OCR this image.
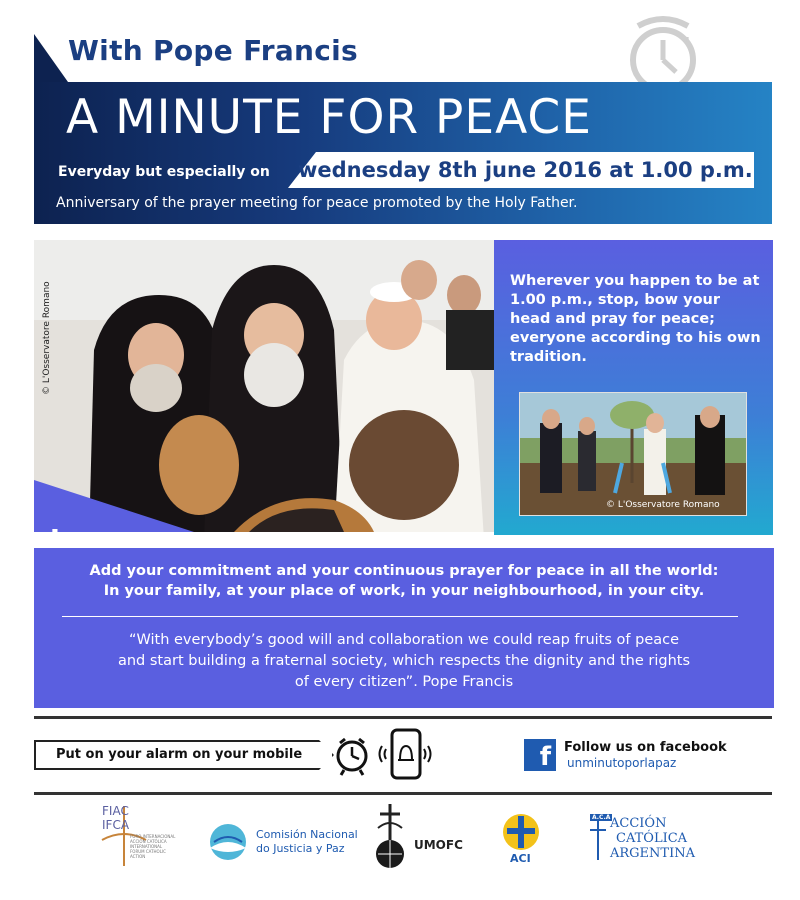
1
With Pope Francis
A MINUTE FOR PEACE
Everyday but especially on wednesday 8th june 2016 at 1.00 p.m.
Anniversary of the prayer meeting for peace promoted by the Holy Father.
© L'Osservatore Romano
Wherever you happen to be at 1.00 p.m., stop, bow your head and pray for peace; everyone according to his own tradition.
© L'Osservatore Romano
✚
Add your commitment and your continuous prayer for peace in all the world:
In your family, at your place of work, in your neighbourhood, in your city.
“With everybody’s good will and collaboration we could reap fruits of peace
and start building a fraternal society, which respects the dignity and the rights
of every citizen”. Pope Francis
Put on your alarm on your mobile	f	Follow us on facebook
unminutoporlapaz
FIAC
IFCA
FORO INTERNACIONAL ACCIÓN CATÓLICA INTERNATIONAL FORUM CATHOLIC ACTION
Comisión Nacional
do Justicia y Paz	UMOFC
ACI
A.C.A ACCIÓN
CATÓLICA
ARGENTINA
